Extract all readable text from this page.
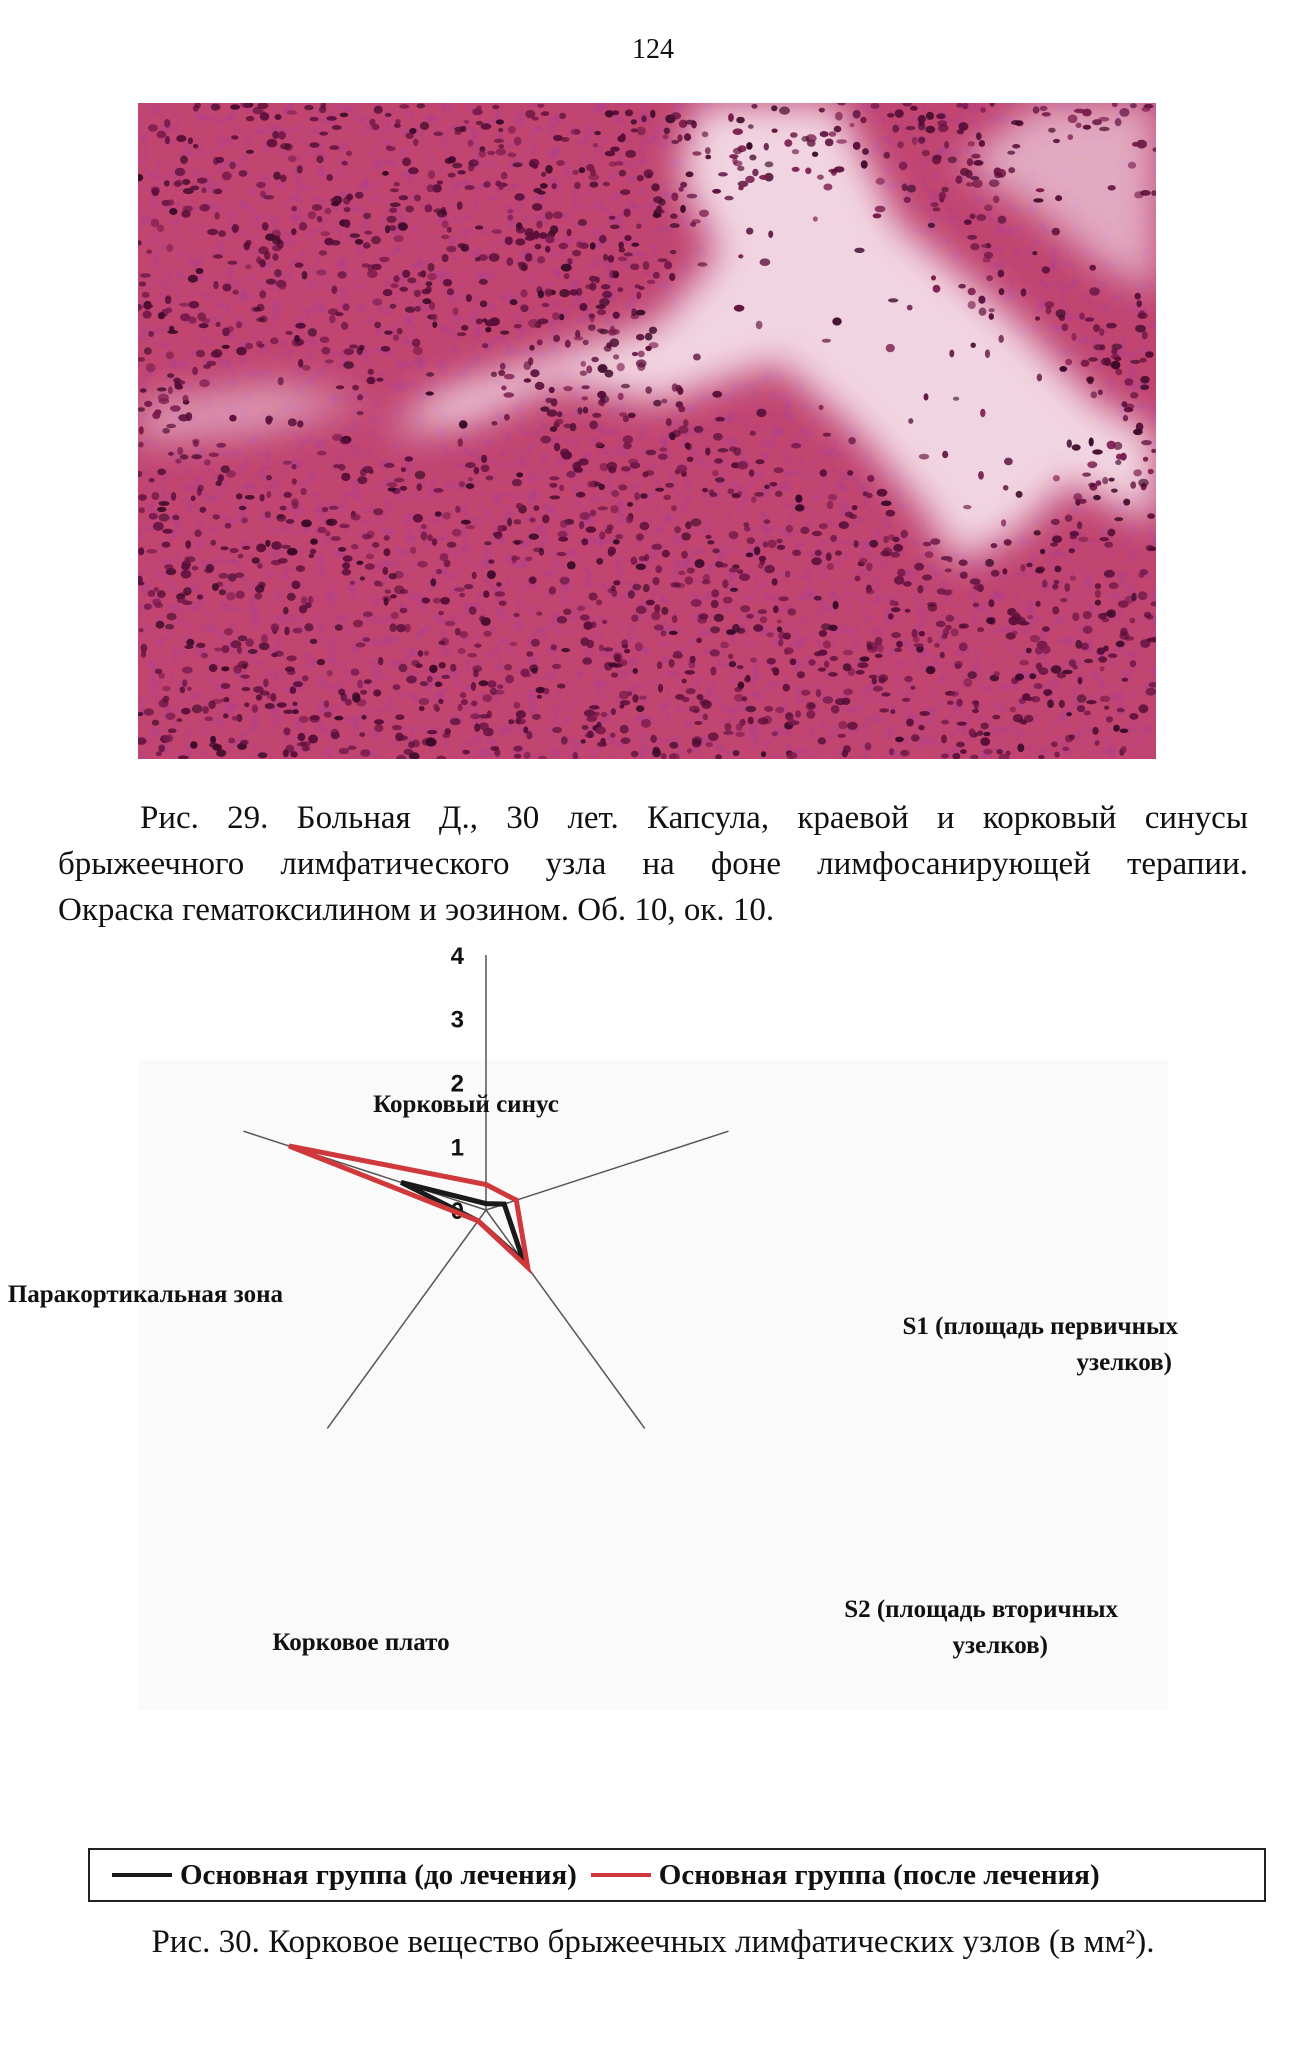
124
Рис. 29. Больная Д., 30 лет. Капсула, краевой и корковый синусы
брыжеечного лимфатического узла на фоне лимфосанирующей терапии.
Окраска гематоксилином и эозином. Об. 10, ок. 10.
0
1
2
3
4
Корковый синус
S1 (площадь первичных
узелков)
S2 (площадь вторичных
узелков)
Корковое плато
Паракортикальная зона
Основная группа (до лечения)	Основная группа (после лечения)
Рис. 30. Корковое вещество брыжеечных лимфатических узлов (в мм²).
